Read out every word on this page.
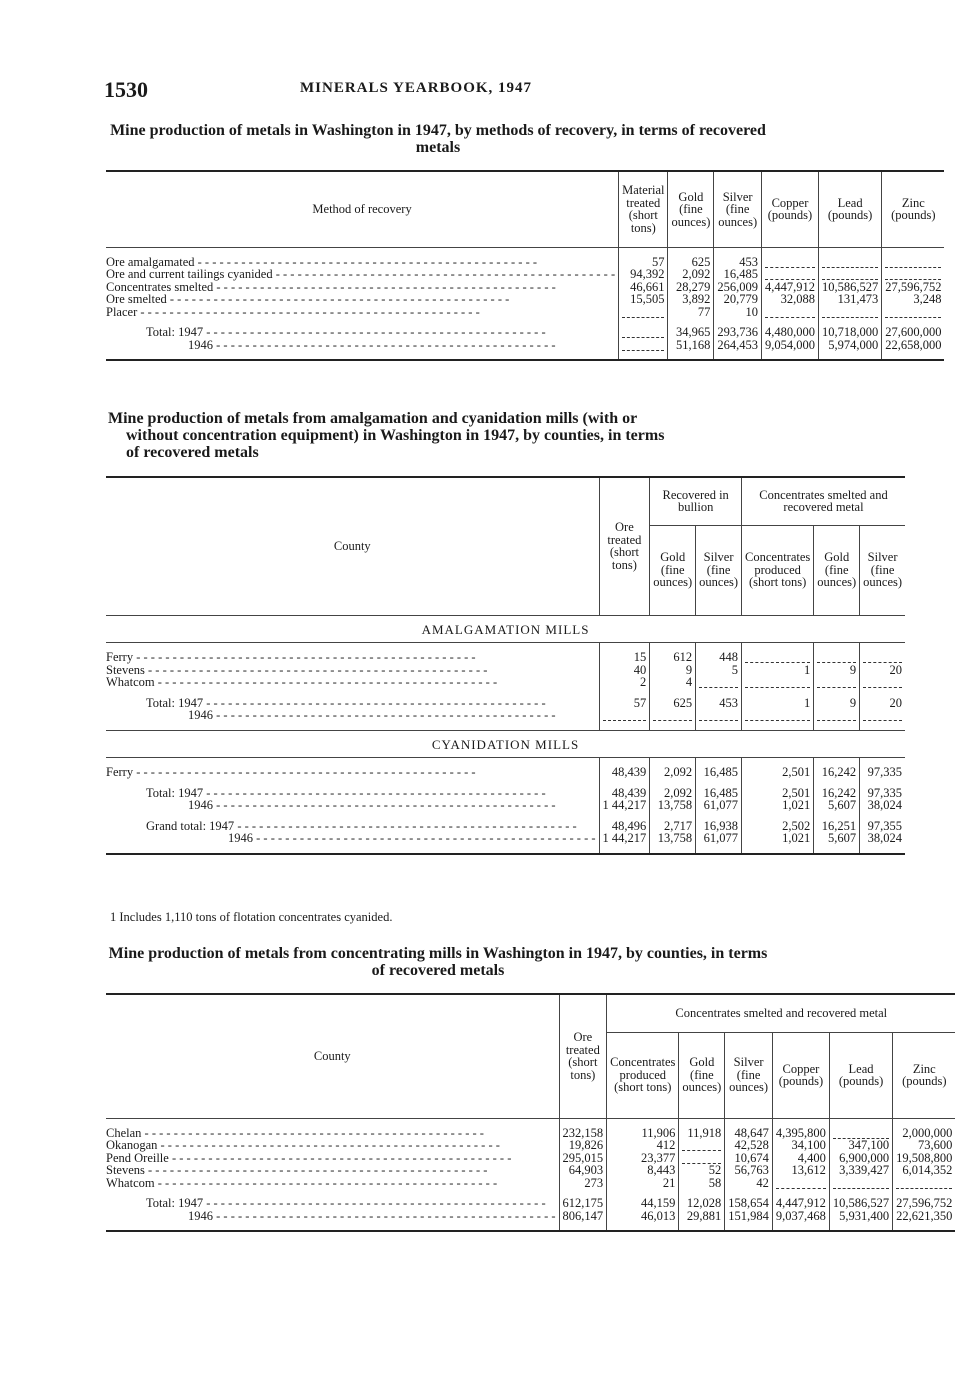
1530	MINERALS YEARBOOK, 1947
Mine production of metals in Washington in 1947, by methods of recovery, in terms of recovered metals
Method of recovery	Material treated (short tons)	Gold (fine ounces)	Silver (fine ounces)	Copper (pounds)	Lead (pounds)	Zinc (pounds)

Ore amalgamated - - -	57	625	453	

Ore and current tailings cyanided - - -	94,392	2,092	16,485	

Concentrates smelted - - -	46,661	28,279	256,009	4,447,912	10,586,527	27,596,752

Ore smelted - - -	15,505	3,892	20,779	32,088	131,473	3,248

Placer - - -		77	10	

Total: 1947 - - -		34,965	293,736	4,480,000	10,718,000	27,600,000

1946 - - -		51,168	264,453	9,054,000	5,974,000	22,658,000

Mine production of metals from amalgamation and cyanidation mills (with or
without concentration equipment) in Washington in 1947, by counties, in terms
of recovered metals
County	Ore treated (short tons)	Recovered in bullion		Concentrates smelted and recovered metal		
		Gold (fine ounces)	Silver (fine ounces)	Concentrates produced (short tons)	Gold (fine ounces)	Silver (fine ounces)
AMALGAMATION MILLS						

Ferry - - -	15	612	448	

Stevens - - -	40	9	5	1	9	20

Whatcom - - -	2	4	

Total: 1947 - - -	57	625	453	1	9	20

1946 - - -

CYANIDATION MILLS						

Ferry - - -	48,439	2,092	16,485	2,501	16,242	97,335

Total: 1947 - - -	48,439	2,092	16,485	2,501	16,242	97,335

1946 - - -	1 44,217	13,758	61,077	1,021	5,607	38,024

Grand total: 1947 - - -	48,496	2,717	16,938	2,502	16,251	97,355

1946 - - -	1 44,217	13,758	61,077	1,021	5,607	38,024

1 Includes 1,110 tons of flotation concentrates cyanided.
Mine production of metals from concentrating mills in Washington in 1947, by counties, in terms of recovered metals
County	Ore treated (short tons)	Concentrates smelted and recovered metal					
		Concentrates produced (short tons)	Gold (fine ounces)	Silver (fine ounces)	Copper (pounds)	Lead (pounds)	Zinc (pounds)

Chelan - - -	232,158	11,906	11,918	48,647	4,395,800		2,000,000

Okanogan - - -	19,826	412		42,528	34,100	347,100	73,600

Pend Oreille - - -	295,015	23,377		10,674	4,400	6,900,000	19,508,800

Stevens - - -	64,903	8,443	52	56,763	13,612	3,339,427	6,014,352

Whatcom - - -	273	21	58	42	

Total: 1947 - - -	612,175	44,159	12,028	158,654	4,447,912	10,586,527	27,596,752

1946 - - -	806,147	46,013	29,881	151,984	9,037,468	5,931,400	22,621,350
